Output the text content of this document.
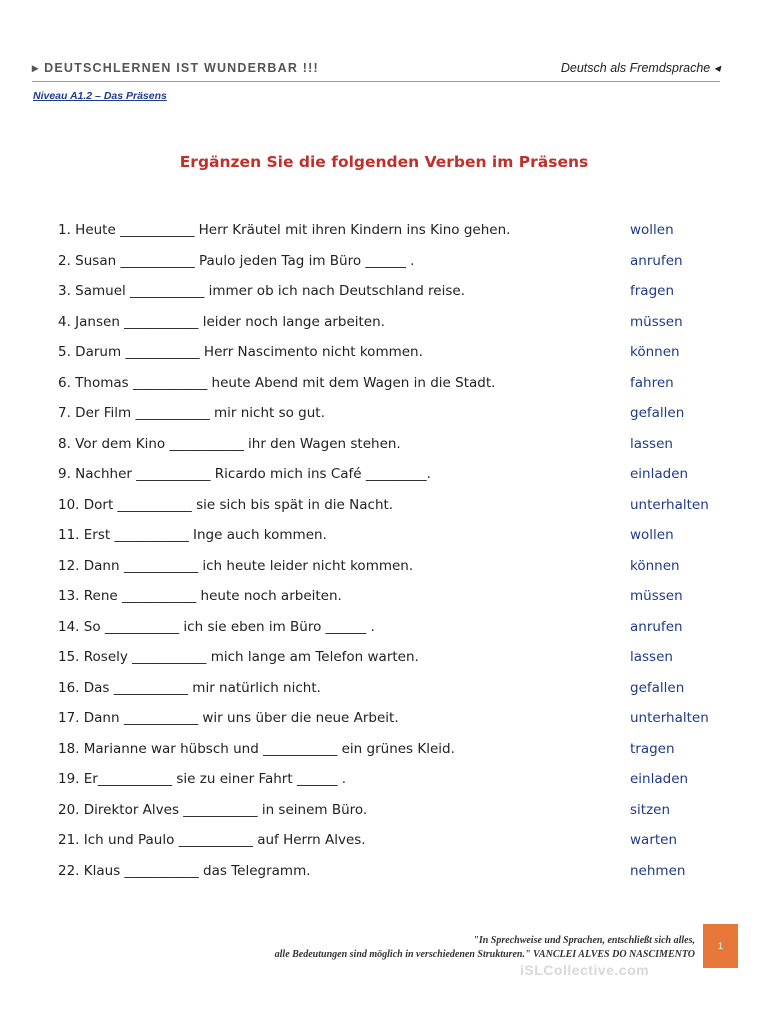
▸ DEUTSCHLERNEN IST WUNDERBAR !!!	Deutsch als Fremdsprache ◂
Niveau A1.2 – Das Präsens
Ergänzen Sie die folgenden Verben im Präsens
1. Heute ___________ Herr Kräutel mit ihren Kindern ins Kino gehen.	wollen
2. Susan ___________ Paulo jeden Tag im Büro ______ .	anrufen
3. Samuel ___________ immer ob ich nach Deutschland reise.	fragen
4. Jansen ___________ leider noch lange arbeiten.	müssen
5. Darum ___________ Herr Nascimento nicht kommen.	können
6. Thomas ___________ heute Abend mit dem Wagen in die Stadt.	fahren
7. Der Film ___________ mir nicht so gut.	gefallen
8. Vor dem Kino ___________ ihr den Wagen stehen.	lassen
9. Nachher ___________ Ricardo mich ins Café _________.	einladen
10. Dort ___________ sie sich bis spät in die Nacht.	unterhalten
11. Erst ___________ Inge auch kommen.	wollen
12. Dann ___________ ich heute leider nicht kommen.	können
13. Rene ___________ heute noch arbeiten.	müssen
14. So ___________ ich sie eben im Büro ______ .	anrufen
15. Rosely ___________ mich lange am Telefon warten.	lassen
16. Das ___________ mir natürlich nicht.	gefallen
17. Dann ___________ wir uns über die neue Arbeit.	unterhalten
18. Marianne war hübsch und ___________ ein grünes Kleid.	tragen
19. Er___________ sie zu einer Fahrt ______ .	einladen
20. Direktor Alves ___________ in seinem Büro.	sitzen
21. Ich und Paulo ___________ auf Herrn Alves.	warten
22. Klaus ___________ das Telegramm.	nehmen
"In Sprechweise und Sprachen, entschließt sich alles,
alle Bedeutungen sind möglich in verschiedenen Strukturen." VANCLEI ALVES DO NASCIMENTO
1
iSLCollective.com
